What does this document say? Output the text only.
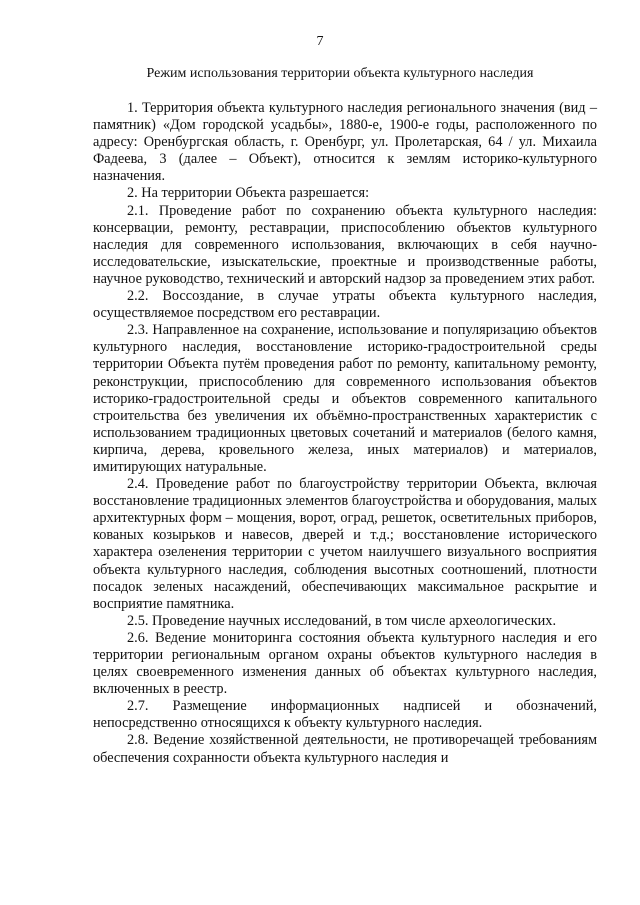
7
Режим использования территории объекта культурного наследия

1. Территория объекта культурного наследия регионального значения (вид – памятник) «Дом городской усадьбы», 1880-е, 1900-е годы, расположенного по адресу: Оренбургская область, г. Оренбург, ул. Пролетарская, 64 / ул. Михаила Фадеева, 3 (далее – Объект), относится к землям историко-культурного назначения.

2. На территории Объекта разрешается:

2.1. Проведение работ по сохранению объекта культурного наследия: консервации, ремонту, реставрации, приспособлению объектов культурного наследия для современного использования, включающих в себя научно-исследовательские, изыскательские, проектные и производственные работы, научное руководство, технический и авторский надзор за проведением этих работ.

2.2. Воссоздание, в случае утраты объекта культурного наследия, осуществляемое посредством его реставрации.

2.3. Направленное на сохранение, использование и популяризацию объектов культурного наследия, восстановление историко-градостроительной среды территории Объекта путём проведения работ по ремонту, капитальному ремонту, реконструкции, приспособлению для современного использования объектов историко-градостроительной среды и объектов современного капитального строительства без увеличения их объёмно-пространственных характеристик с использованием традиционных цветовых сочетаний и материалов (белого камня, кирпича, дерева, кровельного железа, иных материалов) и материалов, имитирующих натуральные.

2.4. Проведение работ по благоустройству территории Объекта, включая восстановление традиционных элементов благоустройства и оборудования, малых архитектурных форм – мощения, ворот, оград, решеток, осветительных приборов, кованых козырьков и навесов, дверей и т.д.; восстановление исторического характера озеленения территории с учетом наилучшего визуального восприятия объекта культурного наследия, соблюдения высотных соотношений, плотности посадок зеленых насаждений, обеспечивающих максимальное раскрытие и восприятие памятника.

2.5. Проведение научных исследований, в том числе археологических.

2.6. Ведение мониторинга состояния объекта культурного наследия и его территории региональным органом охраны объектов культурного наследия в целях своевременного изменения данных об объектах культурного наследия, включенных в реестр.

2.7. Размещение информационных надписей и обозначений, непосредственно относящихся к объекту культурного наследия.

2.8. Ведение хозяйственной деятельности, не противоречащей требованиям обеспечения сохранности объекта культурного наследия и
